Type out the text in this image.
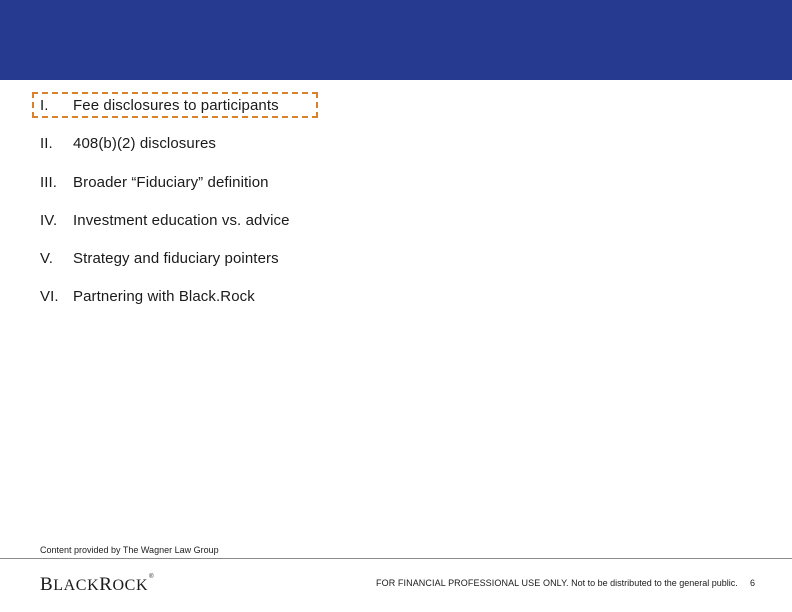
I.	Fee disclosures to participants
II.	408(b)(2) disclosures
III.	Broader “Fiduciary” definition
IV.	Investment education vs. advice
V.	Strategy and fiduciary pointers
VI. Partnering with Black.Rock
Content provided by The Wagner Law Group
BLACKROCK®
FOR FINANCIAL PROFESSIONAL USE ONLY. Not to be distributed to the general public. 6
